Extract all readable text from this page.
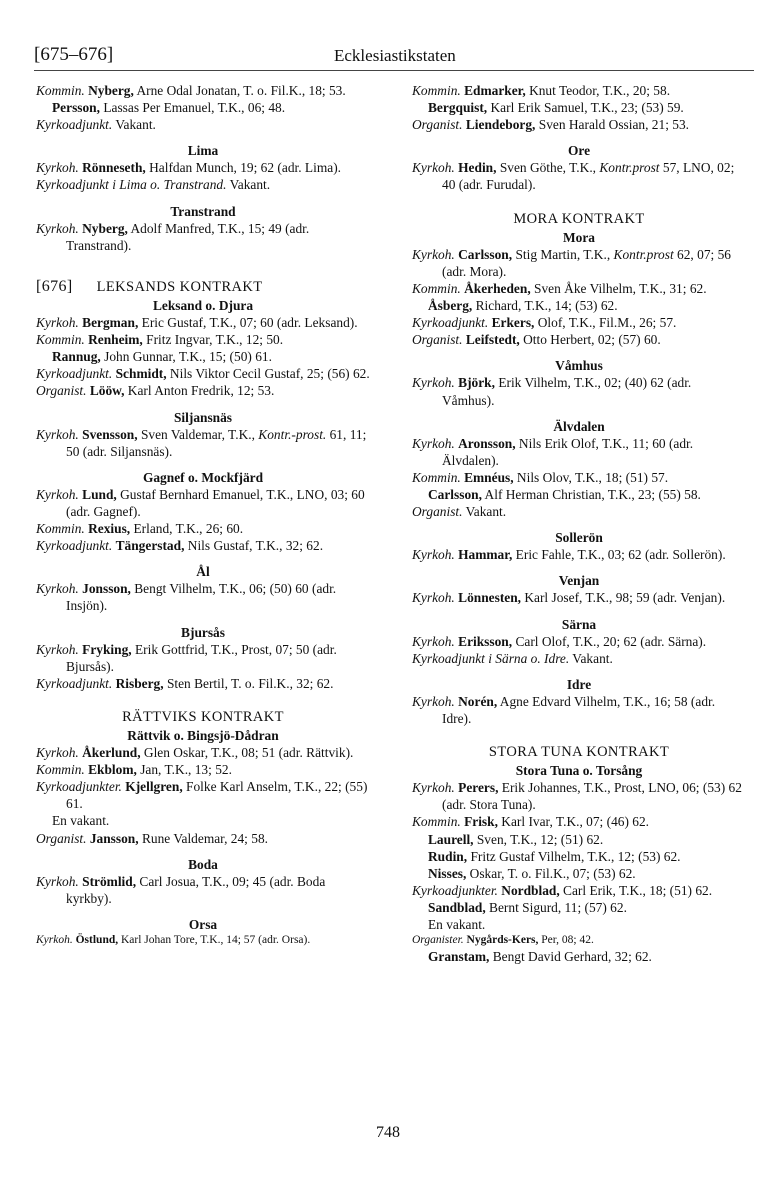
[675–676]	Ecklesiastikstaten
Kommin. Nyberg, Arne Odal Jonatan, T. o. Fil.K., 18; 53.
Persson, Lassas Per Emanuel, T.K., 06; 48.
Kyrkoadjunkt. Vakant.
Lima
Kyrkoh. Rönneseth, Halfdan Munch, 19; 62 (adr. Lima).
Kyrkoadjunkt i Lima o. Transtrand. Vakant.
Transtrand
Kyrkoh. Nyberg, Adolf Manfred, T.K., 15; 49 (adr. Transtrand).
[676] LEKSANDS KONTRAKT
Leksand o. Djura
Kyrkoh. Bergman, Eric Gustaf, T.K., 07; 60 (adr. Leksand).
Kommin. Renheim, Fritz Ingvar, T.K., 12; 50.
Rannug, John Gunnar, T.K., 15; (50) 61.
Kyrkoadjunkt. Schmidt, Nils Viktor Cecil Gustaf, 25; (56) 62.
Organist. Lööw, Karl Anton Fredrik, 12; 53.
Siljansnäs
Kyrkoh. Svensson, Sven Valdemar, T.K., Kontr.-prost. 61, 11; 50 (adr. Siljansnäs).
Gagnef o. Mockfjärd
Kyrkoh. Lund, Gustaf Bernhard Emanuel, T.K., LNO, 03; 60 (adr. Gagnef).
Kommin. Rexius, Erland, T.K., 26; 60.
Kyrkoadjunkt. Tängerstad, Nils Gustaf, T.K., 32; 62.
Ål
Kyrkoh. Jonsson, Bengt Vilhelm, T.K., 06; (50) 60 (adr. Insjön).
Bjursås
Kyrkoh. Fryking, Erik Gottfrid, T.K., Prost, 07; 50 (adr. Bjursås).
Kyrkoadjunkt. Risberg, Sten Bertil, T. o. Fil.K., 32; 62.
RÄTTVIKS KONTRAKT
Rättvik o. Bingsjö-Dådran
Kyrkoh. Åkerlund, Glen Oskar, T.K., 08; 51 (adr. Rättvik).
Kommin. Ekblom, Jan, T.K., 13; 52.
Kyrkoadjunkter. Kjellgren, Folke Karl Anselm, T.K., 22; (55) 61.
En vakant.
Organist. Jansson, Rune Valdemar, 24; 58.
Boda
Kyrkoh. Strömlid, Carl Josua, T.K., 09; 45 (adr. Boda kyrkby).
Orsa
Kyrkoh. Östlund, Karl Johan Tore, T.K., 14; 57 (adr. Orsa).
Kommin. Edmarker, Knut Teodor, T.K., 20; 58.
Bergquist, Karl Erik Samuel, T.K., 23; (53) 59.
Organist. Liendeborg, Sven Harald Ossian, 21; 53.
Ore
Kyrkoh. Hedin, Sven Göthe, T.K., Kontr.prost 57, LNO, 02; 40 (adr. Furudal).
MORA KONTRAKT
Mora
Kyrkoh. Carlsson, Stig Martin, T.K., Kontr.prost 62, 07; 56 (adr. Mora).
Kommin. Åkerheden, Sven Åke Vilhelm, T.K., 31; 62.
Åsberg, Richard, T.K., 14; (53) 62.
Kyrkoadjunkt. Erkers, Olof, T.K., Fil.M., 26; 57.
Organist. Leifstedt, Otto Herbert, 02; (57) 60.
Våmhus
Kyrkoh. Björk, Erik Vilhelm, T.K., 02; (40) 62 (adr. Våmhus).
Älvdalen
Kyrkoh. Aronsson, Nils Erik Olof, T.K., 11; 60 (adr. Älvdalen).
Kommin. Emnéus, Nils Olov, T.K., 18; (51) 57.
Carlsson, Alf Herman Christian, T.K., 23; (55) 58.
Organist. Vakant.
Sollerön
Kyrkoh. Hammar, Eric Fahle, T.K., 03; 62 (adr. Sollerön).
Venjan
Kyrkoh. Lönnesten, Karl Josef, T.K., 98; 59 (adr. Venjan).
Särna
Kyrkoh. Eriksson, Carl Olof, T.K., 20; 62 (adr. Särna).
Kyrkoadjunkt i Särna o. Idre. Vakant.
Idre
Kyrkoh. Norén, Agne Edvard Vilhelm, T.K., 16; 58 (adr. Idre).
STORA TUNA KONTRAKT
Stora Tuna o. Torsång
Kyrkoh. Perers, Erik Johannes, T.K., Prost, LNO, 06; (53) 62 (adr. Stora Tuna).
Kommin. Frisk, Karl Ivar, T.K., 07; (46) 62.
Laurell, Sven, T.K., 12; (51) 62.
Rudin, Fritz Gustaf Vilhelm, T.K., 12; (53) 62.
Nisses, Oskar, T. o. Fil.K., 07; (53) 62.
Kyrkoadjunkter. Nordblad, Carl Erik, T.K., 18; (51) 62.
Sandblad, Bernt Sigurd, 11; (57) 62.
En vakant.
Organister. Nygårds-Kers, Per, 08; 42.
Granstam, Bengt David Gerhard, 32; 62.
748
